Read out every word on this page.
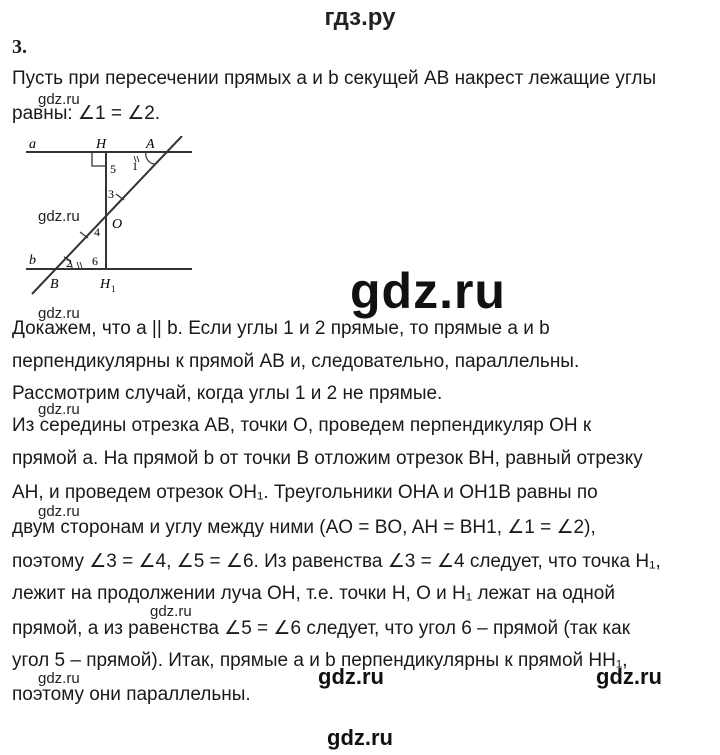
гдз.ру
3.
Пусть при пересечении прямых a и b секущей AB накрест лежащие углы
равны: ∠1 = ∠2.
a
b
H	A
O
B	H 1
1
2
3
4
5
6
Докажем, что a || b. Если углы 1 и 2 прямые, то прямые a и b
перпендикулярны к прямой AB и, следовательно, параллельны.
Рассмотрим случай, когда углы 1 и 2 не прямые.
Из середины отрезка AB, точки O, проведем перпендикуляр OH к
прямой a. На прямой b от точки B отложим отрезок BH, равный отрезку
AH, и проведем отрезок OH₁. Треугольники OHA и OH1B равны по
двум сторонам и углу между ними (AO = BO, AH = BH1, ∠1 = ∠2),
поэтому ∠3 = ∠4, ∠5 = ∠6. Из равенства ∠3 = ∠4 следует, что точка H₁,
лежит на продолжении луча OH, т.е. точки H, O и H₁ лежат на одной
прямой, а из равенства ∠5 = ∠6 следует, что угол 6 – прямой (так как
угол 5 – прямой). Итак, прямые a и b перпендикулярны к прямой HH₁,
поэтому они параллельны.
gdz.ru
gdz.ru
gdz.ru
gdz.ru
gdz.ru
gdz.ru
gdz.ru
gdz.ru
gdz.ru	gdz.ru
gdz.ru
